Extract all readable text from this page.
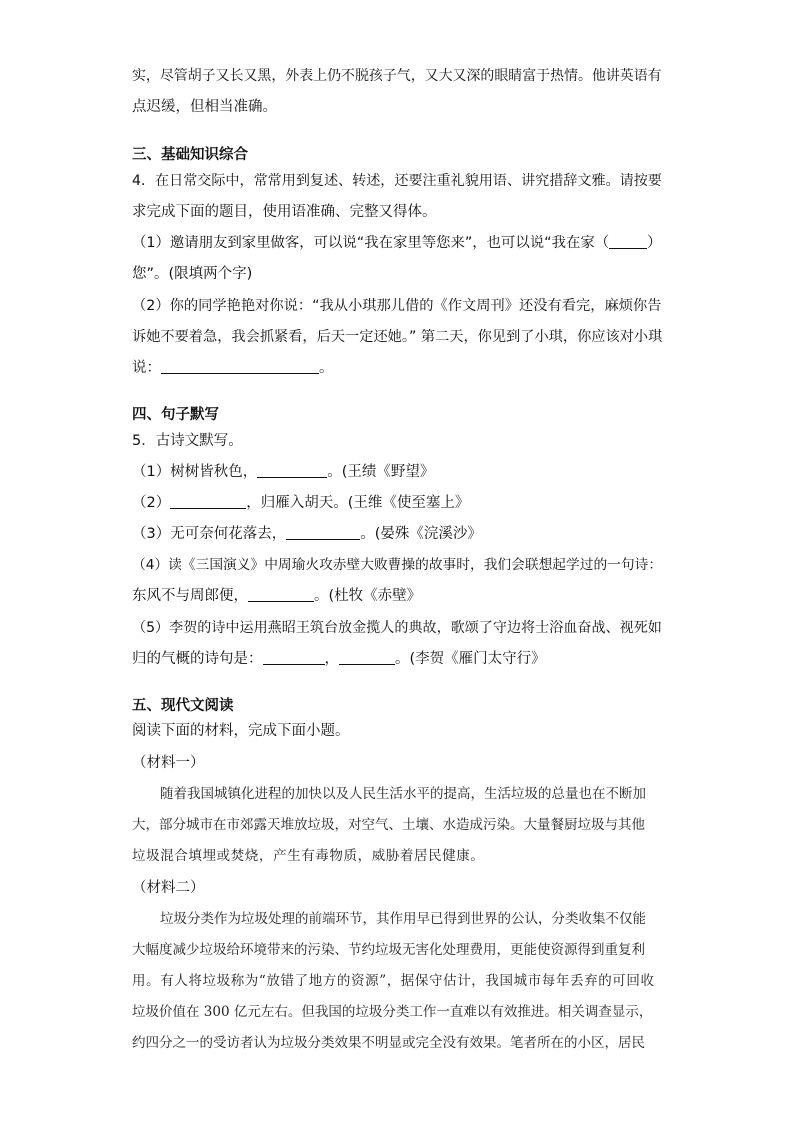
实，尽管胡子又长又黑，外表上仍不脱孩子气，又大又深的眼睛富于热情。他讲英语有
点迟缓，但相当准确。
三、基础知识综合
4．在日常交际中，常常用到复述、转述，还要注重礼貌用语、讲究措辞文雅。请按要
求完成下面的题目，使用语准确、完整又得体。
（1）邀请朋友到家里做客，可以说“我在家里等您来”，也可以说“我在家（	）
您”。(限填两个字)
（2）你的同学艳艳对你说：“我从小琪那儿借的《作文周刊》还没有看完，麻烦你告
诉她不要着急，我会抓紧看，后天一定还她。” 第二天，你见到了小琪，你应该对小琪
说：	。
四、句子默写
5．古诗文默写。
（1）树树皆秋色，	。(王绩《野望》
（2）	，归雁入胡天。(王维《使至塞上》
（3）无可奈何花落去，	。(晏殊《浣溪沙》
（4）读《三国演义》中周瑜火攻赤壁大败曹操的故事时，我们会联想起学过的一句诗：
东风不与周郎便，	。(杜牧《赤壁》
（5）李贺的诗中运用燕昭王筑台放金揽人的典故，歌颂了守边将士浴血奋战、视死如
归的气概的诗句是：	，	。(李贺《雁门太守行》
五、现代文阅读
阅读下面的材料，完成下面小题。
（材料一）
随着我国城镇化进程的加快以及人民生活水平的提高，生活垃圾的总量也在不断加
大，部分城市在市郊露天堆放垃圾，对空气、土壤、水造成污染。大量餐厨垃圾与其他
垃圾混合填埋或焚烧，产生有毒物质，威胁着居民健康。
（材料二）
垃圾分类作为垃圾处理的前端环节，其作用早已得到世界的公认，分类收集不仅能
大幅度减少垃圾给环境带来的污染、节约垃圾无害化处理费用，更能使资源得到重复利
用。有人将垃圾称为“放错了地方的资源”，据保守估计，我国城市每年丢弃的可回收
垃圾价值在 300 亿元左右。但我国的垃圾分类工作一直难以有效推进。相关调查显示，
约四分之一的受访者认为垃圾分类效果不明显或完全没有效果。笔者所在的小区，居民
